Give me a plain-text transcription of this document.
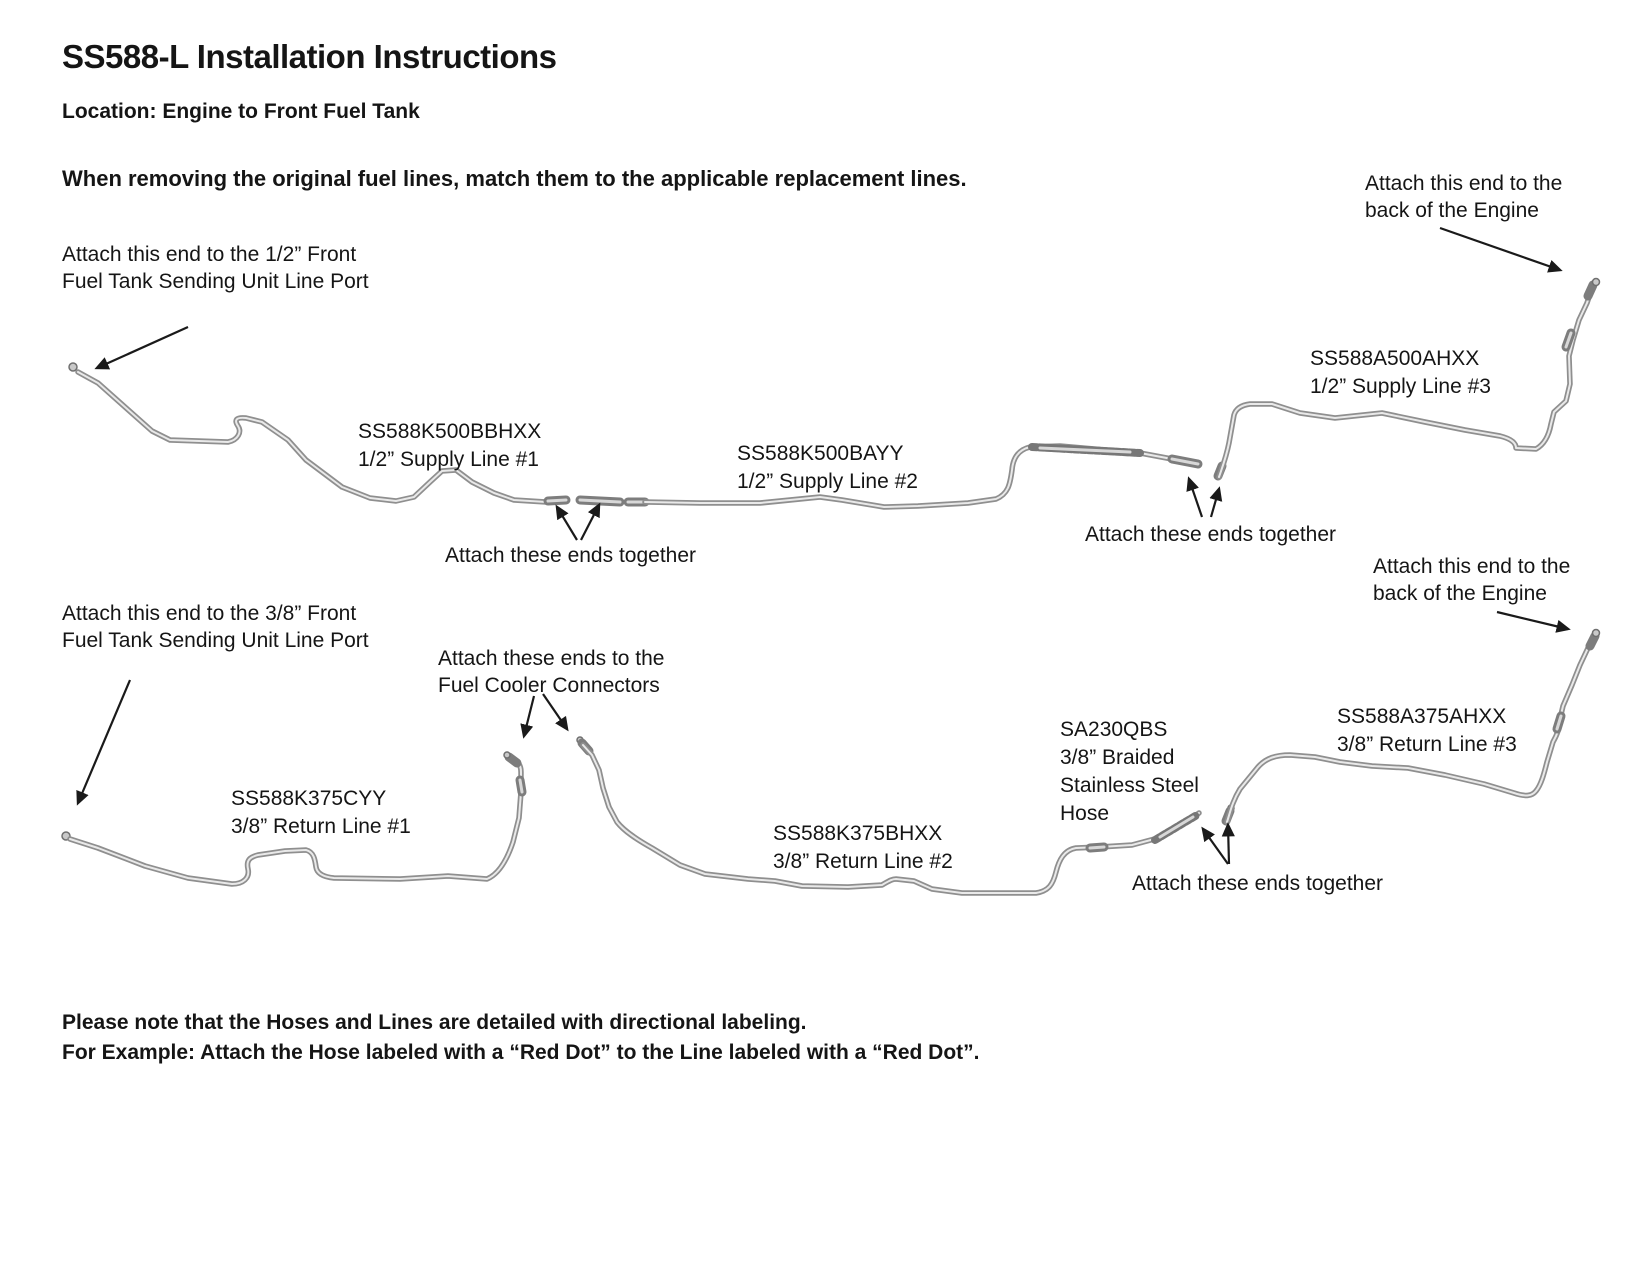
SS588-L Installation Instructions
Location: Engine to Front Fuel Tank
When removing the original fuel lines, match them to the applicable replacement lines.
Attach this end to the 1/2” Front
Fuel Tank Sending Unit Line Port
Attach this end to the
back of the Engine
Attach these ends together
Attach these ends together
Attach this end to the 3/8” Front
Fuel Tank Sending Unit Line Port
Attach these ends to the
Fuel Cooler Connectors
Attach this end to the
back of the Engine
Attach these ends together
SS588K500BBHXX
1/2” Supply Line #1	SS588K500BAYY
1/2” Supply Line #2
SS588A500AHXX
1/2” Supply Line #3
SS588K375CYY
3/8” Return Line #1	SS588K375BHXX
3/8” Return Line #2
SA230QBS
3/8” Braided
Stainless Steel
Hose
SS588A375AHXX
3/8” Return Line #3
Please note that the Hoses and Lines are detailed with directional labeling.
For Example: Attach the Hose labeled with a “Red Dot” to the Line labeled with a “Red Dot”.
